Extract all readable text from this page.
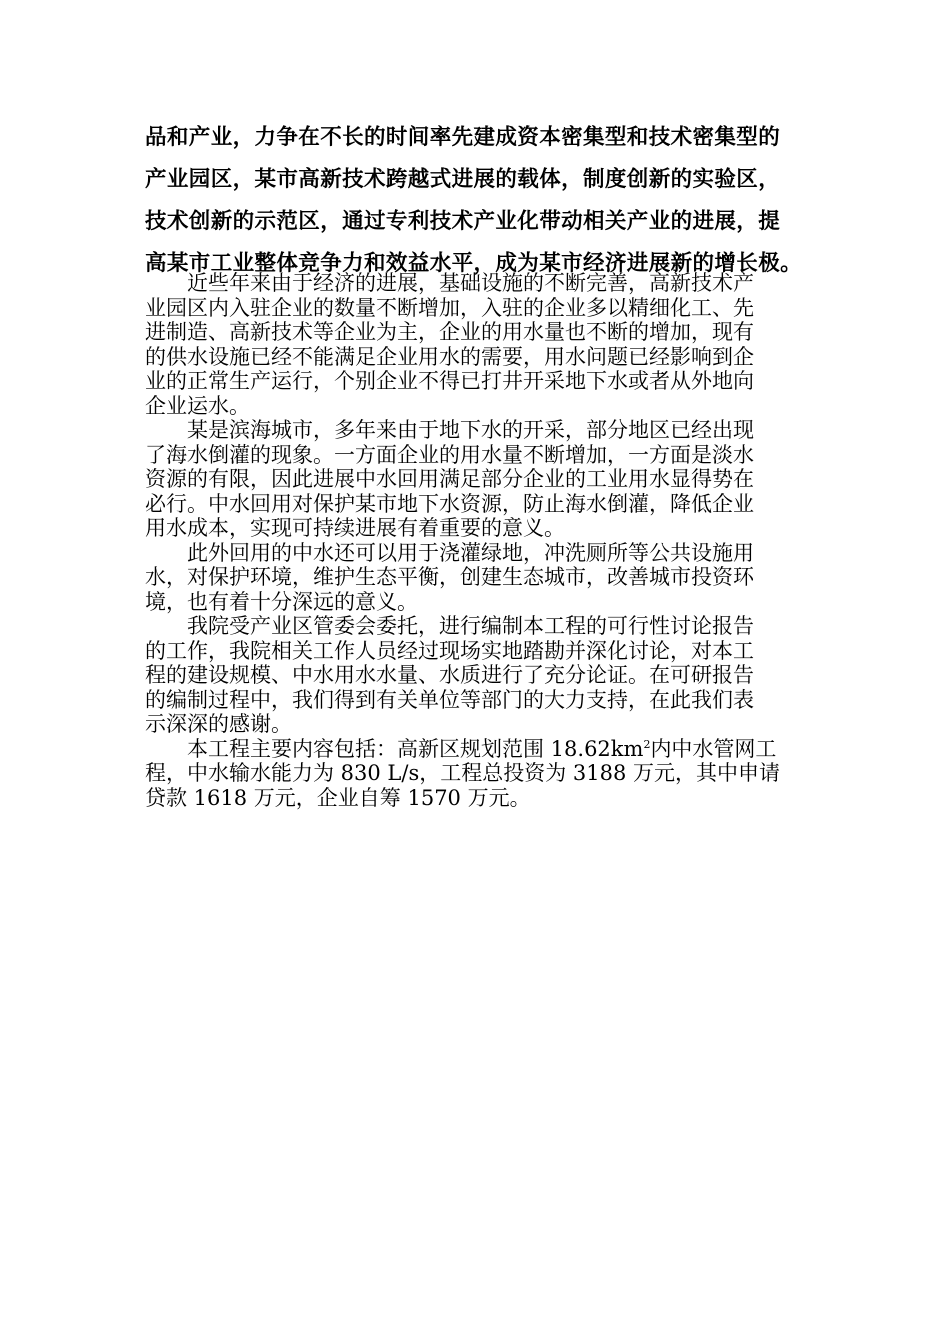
品和产业，力争在不长的时间率先建成资本密集型和技术密集型的
产业园区，某市高新技术跨越式进展的载体，制度创新的实验区，
技术创新的示范区，通过专利技术产业化带动相关产业的进展，提
高某市工业整体竞争力和效益水平，成为某市经济进展新的增长极。
近些年来由于经济的进展，基础设施的不断完善，高新技术产
业园区内入驻企业的数量不断增加，入驻的企业多以精细化工、先
进制造、高新技术等企业为主，企业的用水量也不断的增加，现有
的供水设施已经不能满足企业用水的需要，用水问题已经影响到企
业的正常生产运行，个别企业不得已打井开采地下水或者从外地向
企业运水。
某是滨海城市，多年来由于地下水的开采，部分地区已经出现
了海水倒灌的现象。一方面企业的用水量不断增加，一方面是淡水
资源的有限，因此进展中水回用满足部分企业的工业用水显得势在
必行。中水回用对保护某市地下水资源，防止海水倒灌，降低企业
用水成本，实现可持续进展有着重要的意义。
此外回用的中水还可以用于浇灌绿地，冲洗厕所等公共设施用
水，对保护环境，维护生态平衡，创建生态城市，改善城市投资环
境，也有着十分深远的意义。
我院受产业区管委会委托，进行编制本工程的可行性讨论报告
的工作，我院相关工作人员经过现场实地踏勘并深化讨论，对本工
程的建设规模、中水用水水量、水质进行了充分论证。在可研报告
的编制过程中，我们得到有关单位等部门的大力支持，在此我们表
示深深的感谢。
本工程主要内容包括：高新区规划范围 $18.62km^2$内中水管网工
程，中水输水能力为 830 L/s，工程总投资为 3188 万元，其中申请
贷款 1618 万元，企业自筹 1570 万元。
